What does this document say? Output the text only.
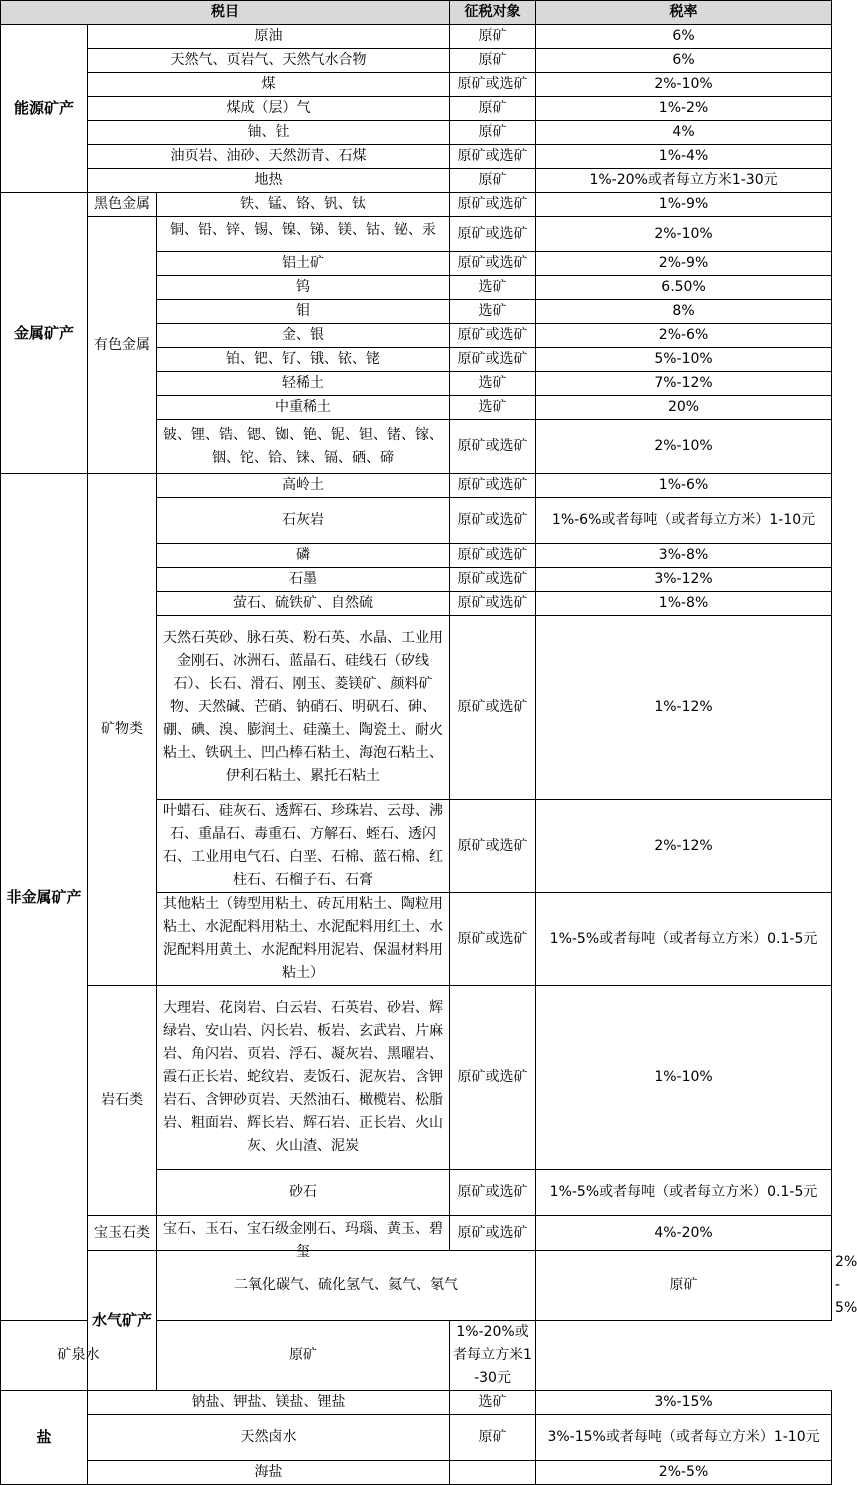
税目			征税对象	税率	
能源矿产	原油		原矿	6%	
	天然气、页岩气、天然气水合物		原矿	6%	
	煤		原矿或选矿	2%-10%	
	煤成（层）气		原矿	1%-2%	
	铀、钍		原矿	4%	
	油页岩、油砂、天然沥青、石煤		原矿或选矿	1%-4%	
	地热		原矿	1%-20%或者每立方米1-30元	
金属矿产	黑色金属	铁、锰、铬、钒、钛	原矿或选矿	1%-9%	
	有色金属	铜、铅、锌、锡、镍、锑、镁、钴、铋、汞	原矿或选矿	2%-10%	
		铝土矿	原矿或选矿	2%-9%	
		钨	选矿	6.50%	
		钼	选矿	8%	
		金、银	原矿或选矿	2%-6%	
		铂、钯、钌、锇、铱、铑	原矿或选矿	5%-10%	
		轻稀土	选矿	7%-12%	
		中重稀土	选矿	20%	
		铍、锂、锆、锶、铷、铯、铌、钽、锗、镓、铟、铊、铪、铼、镉、硒、碲	原矿或选矿	2%-10%	
非金属矿产	矿物类	高岭土	原矿或选矿	1%-6%	
		石灰岩	原矿或选矿	1%-6%或者每吨（或者每立方米）1-10元	
		磷	原矿或选矿	3%-8%	
		石墨	原矿或选矿	3%-12%	
		萤石、硫铁矿、自然硫	原矿或选矿	1%-8%	
		天然石英砂、脉石英、粉石英、水晶、工业用金刚石、冰洲石、蓝晶石、硅线石（矽线石）、长石、滑石、刚玉、菱镁矿、颜料矿物、天然碱、芒硝、钠硝石、明矾石、砷、硼、碘、溴、膨润土、硅藻土、陶瓷土、耐火粘土、铁矾土、凹凸棒石粘土、海泡石粘土、伊利石粘土、累托石粘土	原矿或选矿	1%-12%	
		叶蜡石、硅灰石、透辉石、珍珠岩、云母、沸石、重晶石、毒重石、方解石、蛭石、透闪石、工业用电气石、白垩、石棉、蓝石棉、红柱石、石榴子石、石膏	原矿或选矿	2%-12%	
		其他粘土（铸型用粘土、砖瓦用粘土、陶粒用粘土、水泥配料用粘土、水泥配料用红土、水泥配料用黄土、水泥配料用泥岩、保温材料用粘土）	原矿或选矿	1%-5%或者每吨（或者每立方米）0.1-5元	
	岩石类	大理岩、花岗岩、白云岩、石英岩、砂岩、辉绿岩、安山岩、闪长岩、板岩、玄武岩、片麻岩、角闪岩、页岩、浮石、凝灰岩、黑曜岩、霞石正长岩、蛇纹岩、麦饭石、泥灰岩、含钾岩石、含钾砂页岩、天然油石、橄榄岩、松脂岩、粗面岩、辉长岩、辉石岩、正长岩、火山灰、火山渣、泥炭	原矿或选矿	1%-10%	
		砂石	原矿或选矿	1%-5%或者每吨（或者每立方米）0.1-5元	
	宝玉石类	宝石、玉石、宝石级金刚石、玛瑙、黄玉、碧玺	原矿或选矿	4%-20%	
	水气矿产	二氧化碳气、硫化氢气、氦气、氡气		原矿	2%-5%
矿泉水		原矿	1%-20%或者每立方米1-30元		
盐	钠盐、钾盐、镁盐、锂盐		选矿	3%-15%	
	天然卤水		原矿	3%-15%或者每吨（或者每立方米）1-10元	
	海盐			2%-5%	
